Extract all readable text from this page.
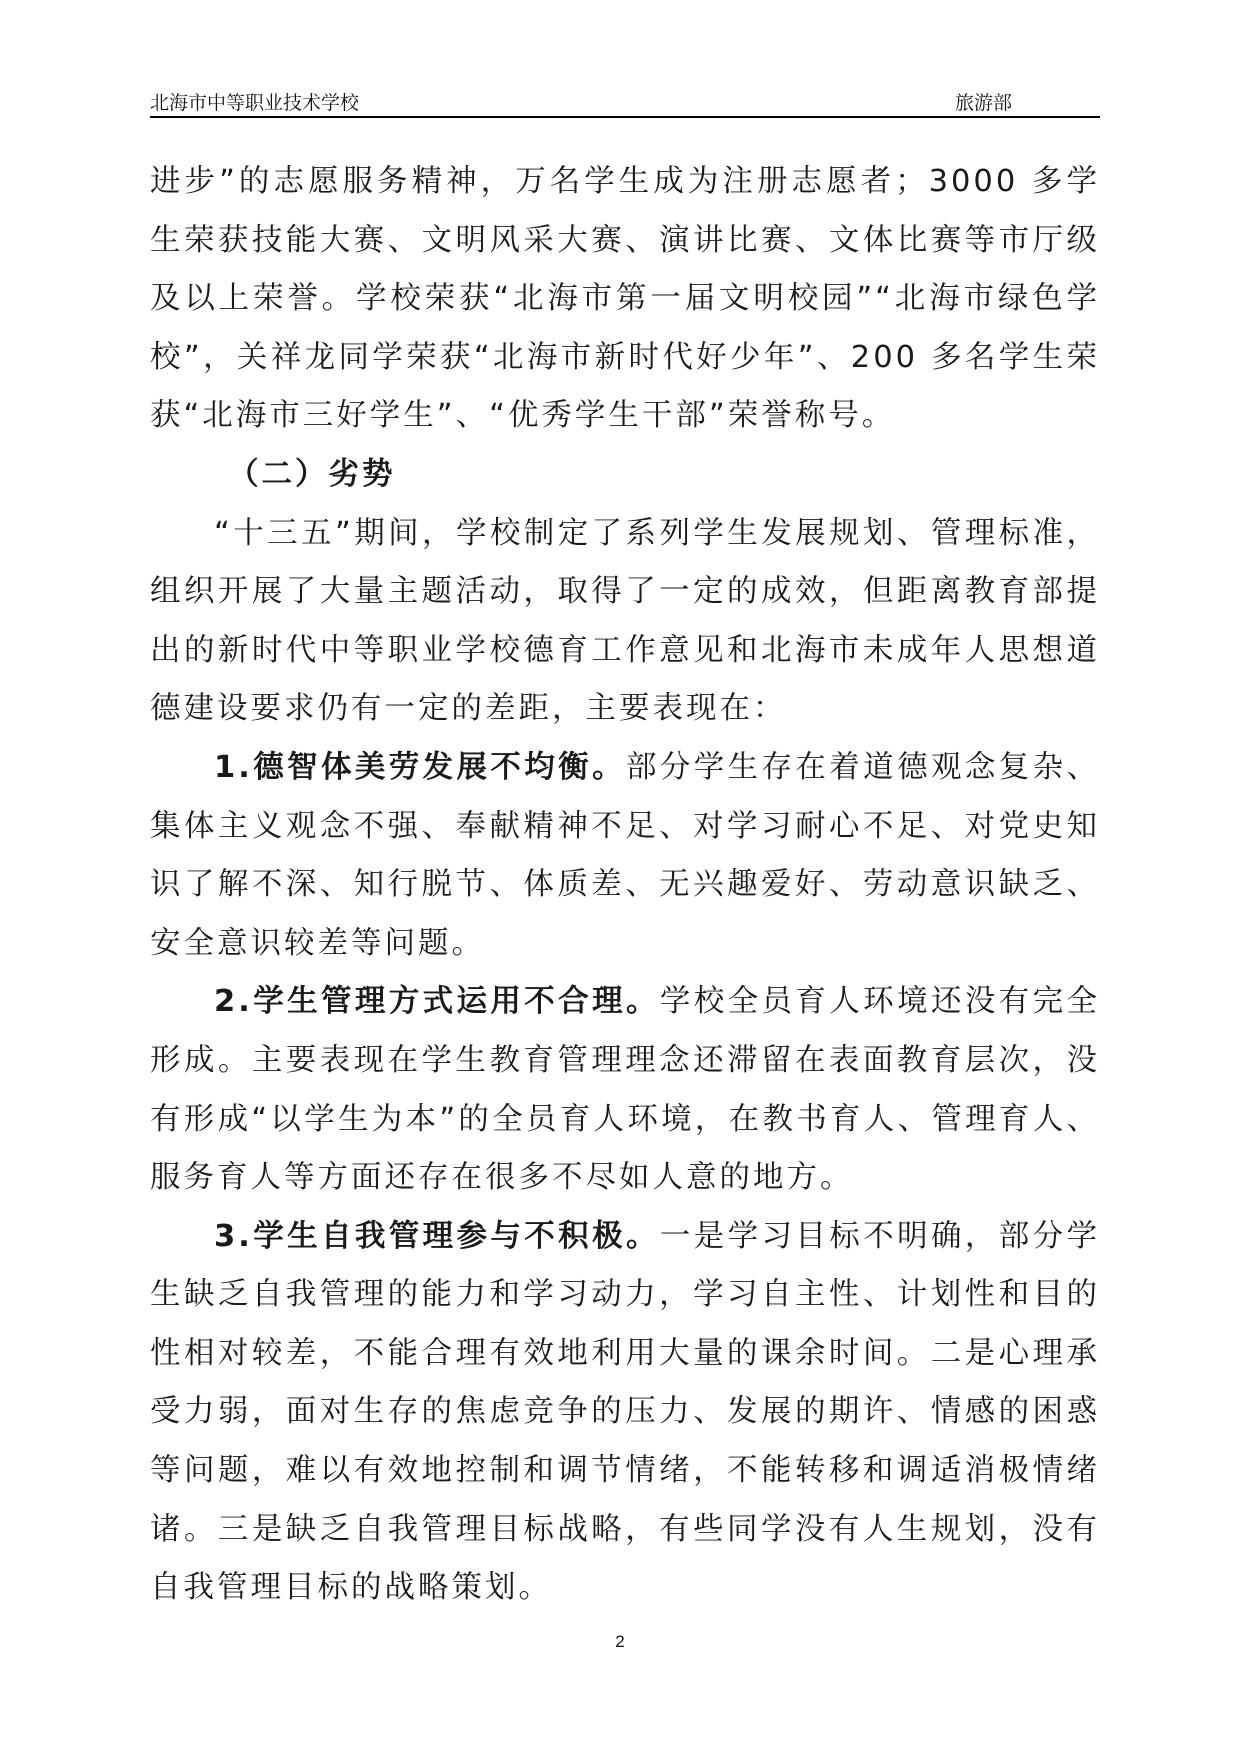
北海市中等职业技术学校	旅游部

进步”的志愿服务精神，万名学生成为注册志愿者；3000 多学生荣获技能大赛、文明风采大赛、演讲比赛、文体比赛等市厅级及以上荣誉。学校荣获“北海市第一届文明校园”“北海市绿色学校”，关祥龙同学荣获“北海市新时代好少年”、200 多名学生荣获“北海市三好学生”、“优秀学生干部”荣誉称号。

（二）劣势

“十三五”期间，学校制定了系列学生发展规划、管理标准，组织开展了大量主题活动，取得了一定的成效，但距离教育部提出的新时代中等职业学校德育工作意见和北海市未成年人思想道德建设要求仍有一定的差距，主要表现在：

1.德智体美劳发展不均衡。部分学生存在着道德观念复杂、集体主义观念不强、奉献精神不足、对学习耐心不足、对党史知识了解不深、知行脱节、体质差、无兴趣爱好、劳动意识缺乏、安全意识较差等问题。

2.学生管理方式运用不合理。学校全员育人环境还没有完全形成。主要表现在学生教育管理理念还滞留在表面教育层次，没有形成“以学生为本”的全员育人环境，在教书育人、管理育人、服务育人等方面还存在很多不尽如人意的地方。

3.学生自我管理参与不积极。一是学习目标不明确，部分学生缺乏自我管理的能力和学习动力，学习自主性、计划性和目的性相对较差，不能合理有效地利用大量的课余时间。二是心理承受力弱，面对生存的焦虑竞争的压力、发展的期许、情感的困惑等问题，难以有效地控制和调节情绪，不能转移和调适消极情绪诸。三是缺乏自我管理目标战略，有些同学没有人生规划，没有自我管理目标的战略策划。

2
